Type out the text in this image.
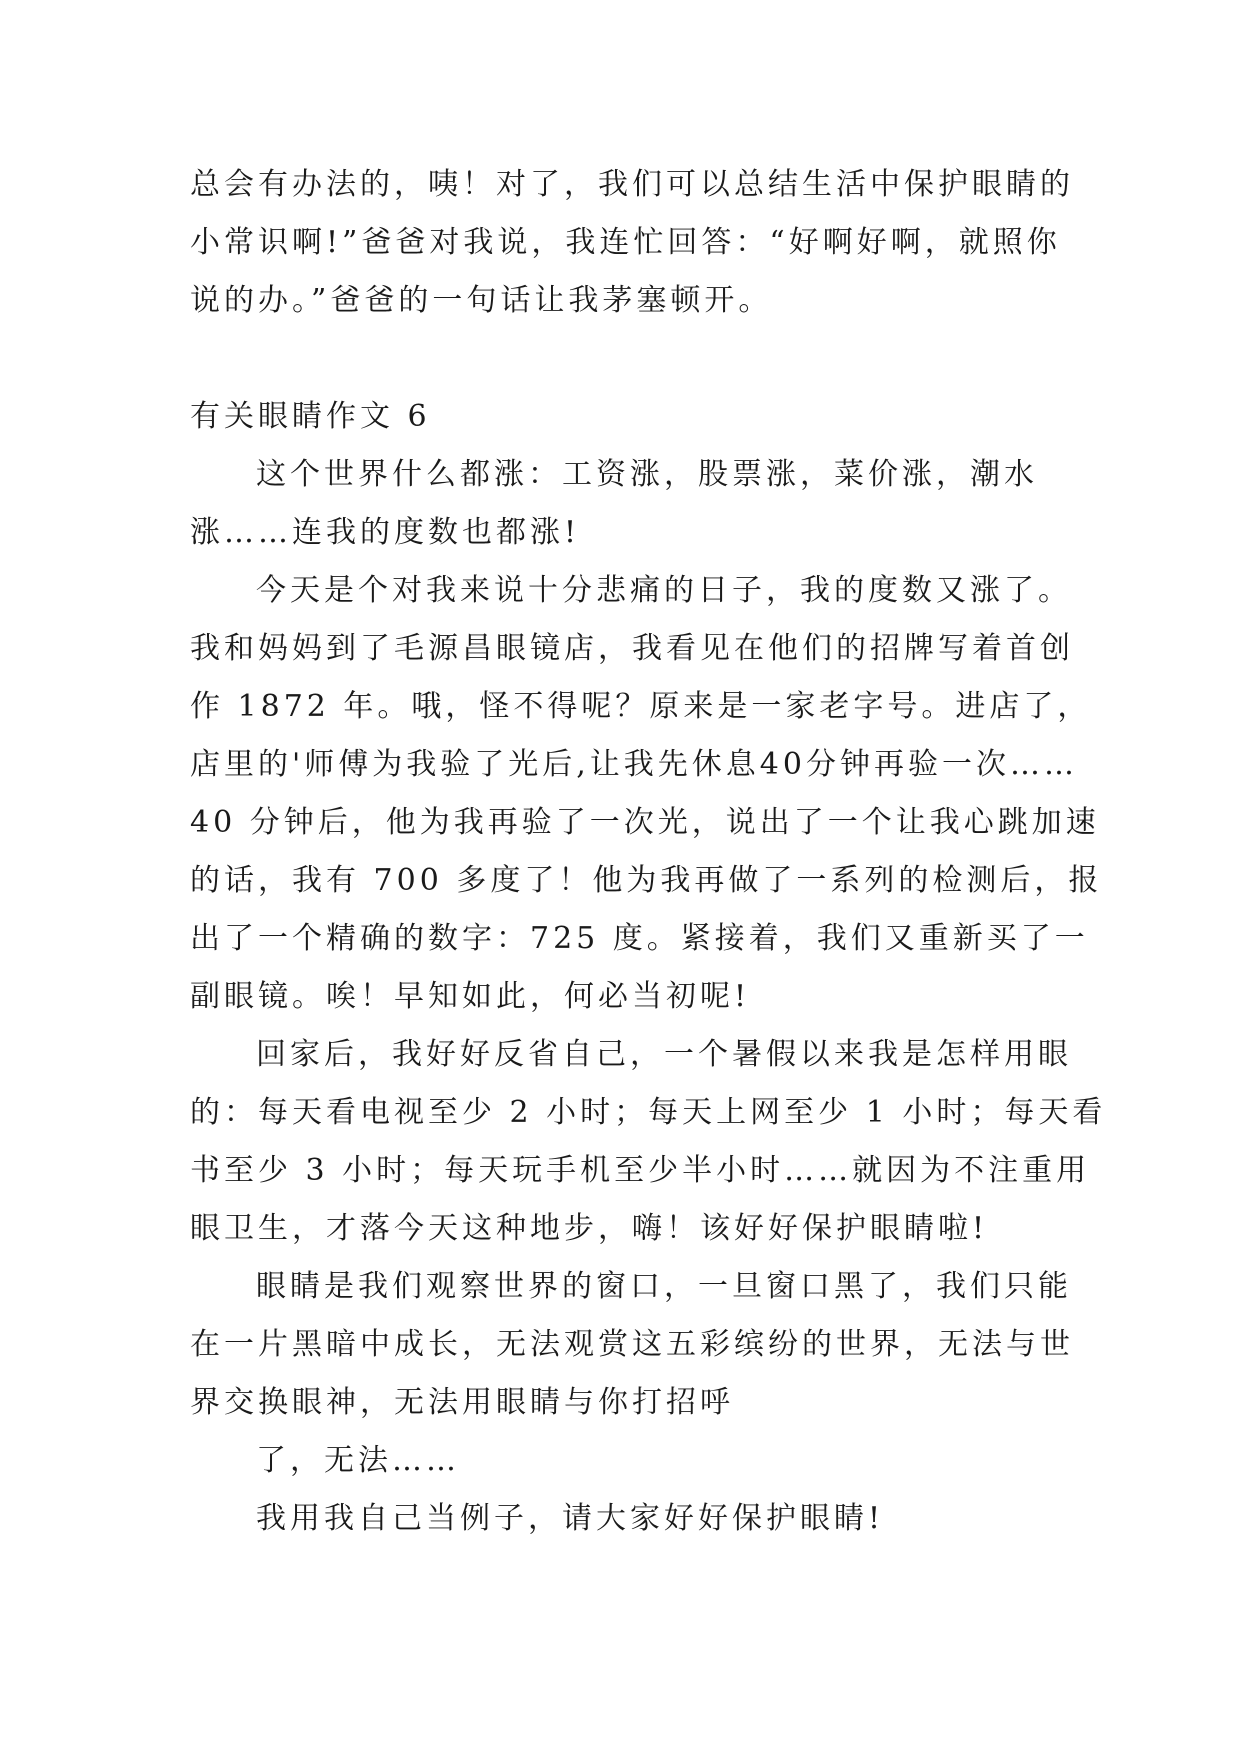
总会有办法的，咦！对了，我们可以总结生活中保护眼睛的
小常识啊!”爸爸对我说，我连忙回答：“好啊好啊，就照你
说的办。”爸爸的一句话让我茅塞顿开。
有关眼睛作文 6
这个世界什么都涨：工资涨，股票涨，菜价涨，潮水
涨……连我的度数也都涨!
今天是个对我来说十分悲痛的日子，我的度数又涨了。
我和妈妈到了毛源昌眼镜店，我看见在他们的招牌写着首创
作 1872 年。哦，怪不得呢？原来是一家老字号。进店了，
店里的'师傅为我验了光后,让我先休息40分钟再验一次……
40 分钟后，他为我再验了一次光，说出了一个让我心跳加速
的话，我有 700 多度了！他为我再做了一系列的检测后，报
出了一个精确的数字：725 度。紧接着，我们又重新买了一
副眼镜。唉！早知如此，何必当初呢!
回家后，我好好反省自己，一个暑假以来我是怎样用眼
的：每天看电视至少 2 小时；每天上网至少 1 小时；每天看
书至少 3 小时；每天玩手机至少半小时……就因为不注重用
眼卫生，才落今天这种地步，嗨！该好好保护眼睛啦!
眼睛是我们观察世界的窗口，一旦窗口黑了，我们只能
在一片黑暗中成长，无法观赏这五彩缤纷的世界，无法与世
界交换眼神，无法用眼睛与你打招呼
了，无法……
我用我自己当例子，请大家好好保护眼睛!
